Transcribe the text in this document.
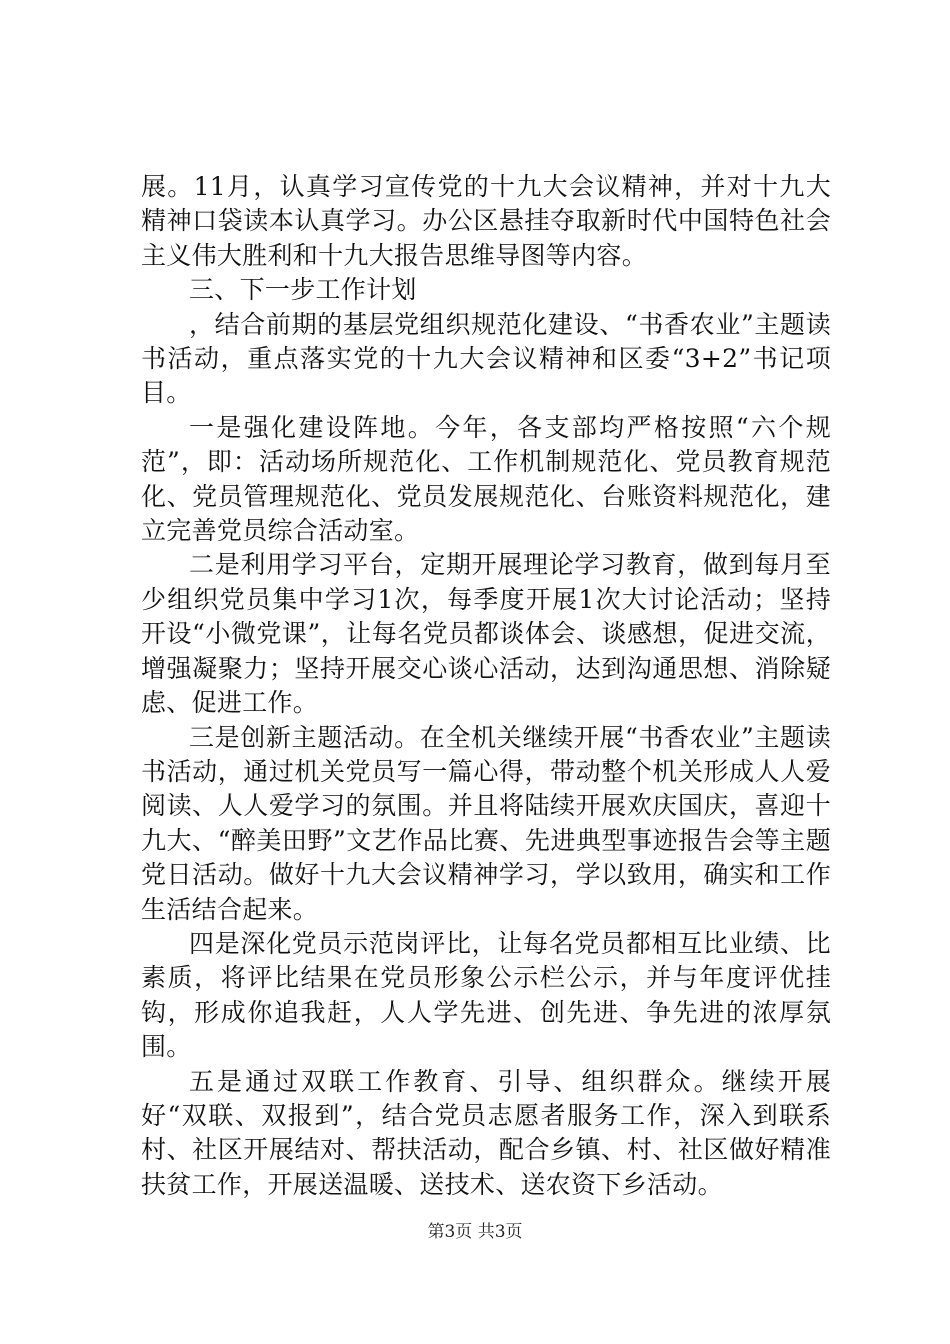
展。11月，认真学习宣传党的十九大会议精神，并对十九大精神口袋读本认真学习。办公区悬挂夺取新时代中国特色社会主义伟大胜利和十九大报告思维导图等内容。

三、下一步工作计划

，结合前期的基层党组织规范化建设、“书香农业”主题读书活动，重点落实党的十九大会议精神和区委“3+2”书记项目。

一是强化建设阵地。今年，各支部均严格按照“六个规范”，即：活动场所规范化、工作机制规范化、党员教育规范化、党员管理规范化、党员发展规范化、台账资料规范化，建立完善党员综合活动室。

二是利用学习平台，定期开展理论学习教育，做到每月至少组织党员集中学习1次，每季度开展1次大讨论活动；坚持开设“小微党课”，让每名党员都谈体会、谈感想，促进交流，增强凝聚力；坚持开展交心谈心活动，达到沟通思想、消除疑虑、促进工作。

三是创新主题活动。在全机关继续开展“书香农业”主题读书活动，通过机关党员写一篇心得，带动整个机关形成人人爱阅读、人人爱学习的氛围。并且将陆续开展欢庆国庆，喜迎十九大、“醉美田野”文艺作品比赛、先进典型事迹报告会等主题党日活动。做好十九大会议精神学习，学以致用，确实和工作生活结合起来。

四是深化党员示范岗评比，让每名党员都相互比业绩、比素质，将评比结果在党员形象公示栏公示，并与年度评优挂钩，形成你追我赶，人人学先进、创先进、争先进的浓厚氛围。

五是通过双联工作教育、引导、组织群众。继续开展好“双联、双报到”，结合党员志愿者服务工作，深入到联系村、社区开展结对、帮扶活动，配合乡镇、村、社区做好精准扶贫工作，开展送温暖、送技术、送农资下乡活动。

第3页 共3页
